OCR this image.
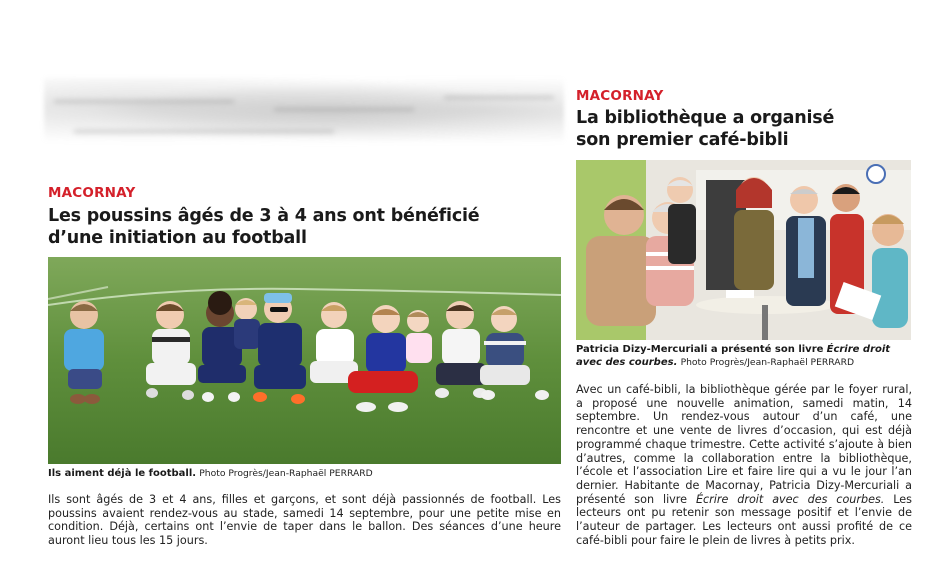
MACORNAY
Les poussins âgés de 3 à 4 ans ont bénéficié
d’une initiation au football
Ils aiment déjà le football. Photo Progrès/Jean-Raphaël PERRARD
Ils sont âgés de 3 et 4 ans, filles et garçons, et sont déjà passionnés de football. Les poussins avaient rendez-vous au stade, samedi 14 septembre, pour une petite mise en condition. Déjà, certains ont l’envie de taper dans le ballon. Des séances d’une heure auront lieu tous les 15 jours.
MACORNAY
La bibliothèque a organisé
son premier café-bibli
Patricia Dizy-Mercuriali a présenté son livre Écrire droit avec des courbes. Photo Progrès/Jean-Raphaël PERRARD
Avec un café-bibli, la bibliothèque gérée par le foyer rural, a proposé une nouvelle animation, samedi matin, 14 septembre. Un rendez-vous autour d’un café, une rencontre et une vente de livres d’occasion, qui est déjà programmé chaque trimestre. Cette activité s’ajoute à bien d’autres, comme la collaboration entre la bibliothèque, l’école et l’association Lire et faire lire qui a vu le jour l’an dernier. Habitante de Macornay, Patricia Dizy-Mercuriali a présenté son livre Écrire droit avec des courbes. Les lecteurs ont pu retenir son message positif et l’envie de l’auteur de partager. Les lecteurs ont aussi profité de ce café-bibli pour faire le plein de livres à petits prix.
